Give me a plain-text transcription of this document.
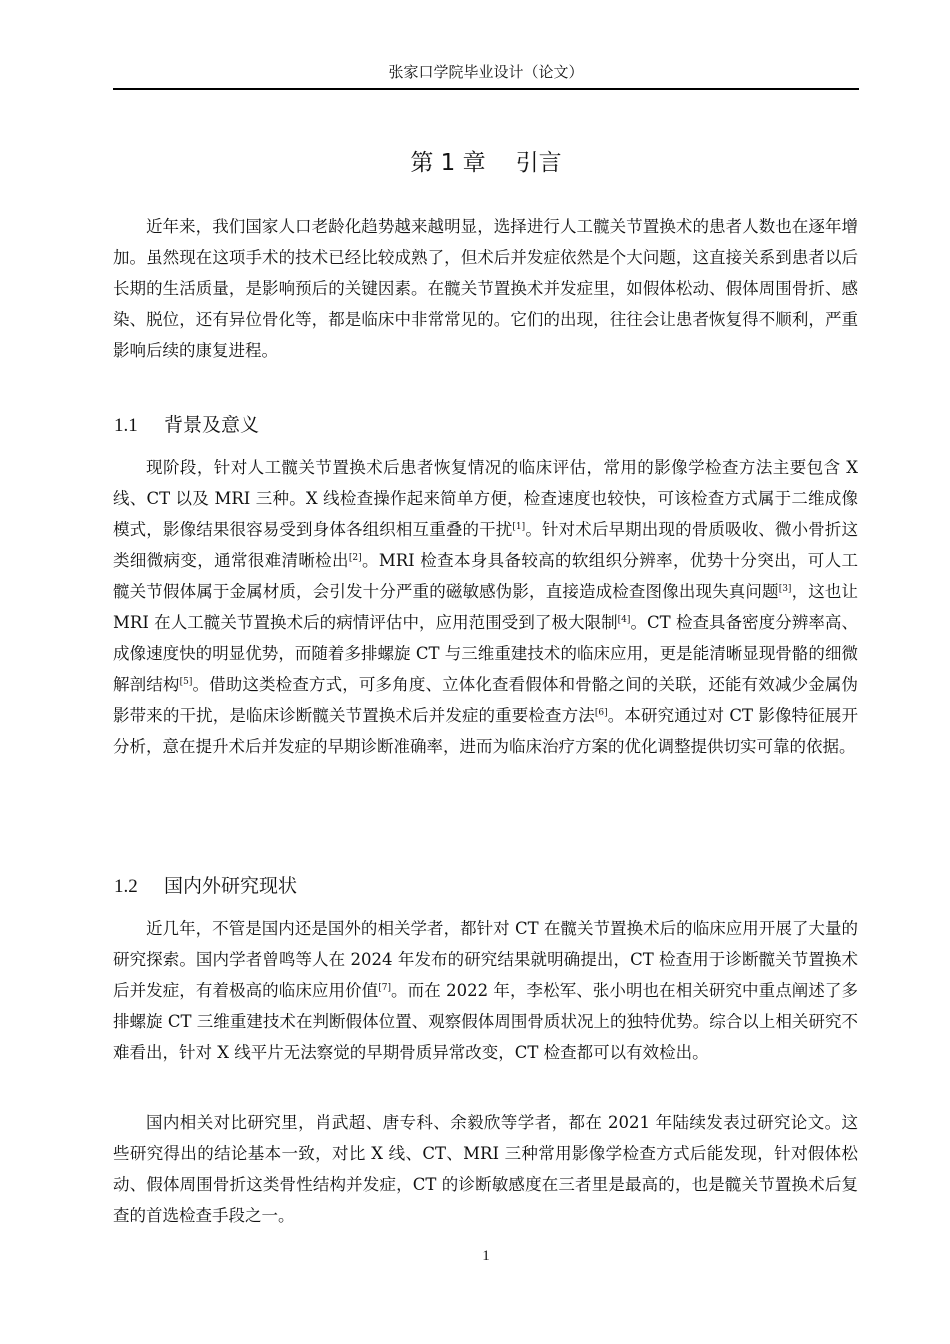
张家口学院毕业设计（论文）
第 1 章 引言

近年来，我们国家人口老龄化趋势越来越明显，选择进行人工髋关节置换术的患者人数也在逐年增加。虽然现在这项手术的技术已经比较成熟了，但术后并发症依然是个大问题，这直接关系到患者以后长期的生活质量，是影响预后的关键因素。在髋关节置换术并发症里，如假体松动、假体周围骨折、感染、脱位，还有异位骨化等，都是临床中非常常见的。它们的出现，往往会让患者恢复得不顺利，严重影响后续的康复进程。

1.1 背景及意义

现阶段，针对人工髋关节置换术后患者恢复情况的临床评估，常用的影像学检查方法主要包含 X 线、CT 以及 MRI 三种。X 线检查操作起来简单方便，检查速度也较快，可该检查方式属于二维成像模式，影像结果很容易受到身体各组织相互重叠的干扰[1]。针对术后早期出现的骨质吸收、微小骨折这类细微病变，通常很难清晰检出[2]。MRI 检查本身具备较高的软组织分辨率，优势十分突出，可人工髋关节假体属于金属材质，会引发十分严重的磁敏感伪影，直接造成检查图像出现失真问题[3]，这也让 MRI 在人工髋关节置换术后的病情评估中，应用范围受到了极大限制[4]。CT 检查具备密度分辨率高、成像速度快的明显优势，而随着多排螺旋 CT 与三维重建技术的临床应用，更是能清晰显现骨骼的细微解剖结构[5]。借助这类检查方式，可多角度、立体化查看假体和骨骼之间的关联，还能有效减少金属伪影带来的干扰，是临床诊断髋关节置换术后并发症的重要检查方法[6]。本研究通过对 CT 影像特征展开分析，意在提升术后并发症的早期诊断准确率，进而为临床治疗方案的优化调整提供切实可靠的依据。

1.2 国内外研究现状

近几年，不管是国内还是国外的相关学者，都针对 CT 在髋关节置换术后的临床应用开展了大量的研究探索。国内学者曾鸣等人在 2024 年发布的研究结果就明确提出，CT 检查用于诊断髋关节置换术后并发症，有着极高的临床应用价值[7]。而在 2022 年，李松军、张小明也在相关研究中重点阐述了多排螺旋 CT 三维重建技术在判断假体位置、观察假体周围骨质状况上的独特优势。综合以上相关研究不难看出，针对 X 线平片无法察觉的早期骨质异常改变，CT 检查都可以有效检出。

国内相关对比研究里，肖武超、唐专科、余毅欣等学者，都在 2021 年陆续发表过研究论文。这些研究得出的结论基本一致，对比 X 线、CT、MRI 三种常用影像学检查方式后能发现，针对假体松动、假体周围骨折这类骨性结构并发症，CT 的诊断敏感度在三者里是最高的，也是髋关节置换术后复查的首选检查手段之一。

1
